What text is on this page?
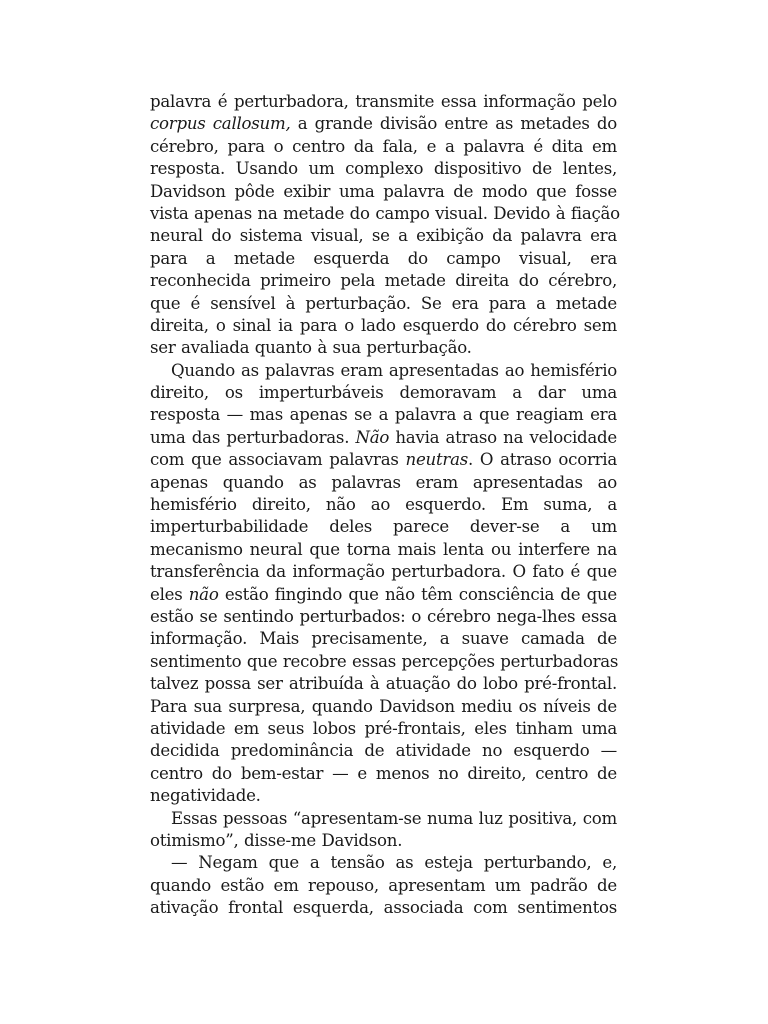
palavra é perturbadora, transmite essa informação pelo
corpus callosum, a grande divisão entre as metades do
cérebro, para o centro da fala, e a palavra é dita em
resposta. Usando um complexo dispositivo de lentes,
Davidson pôde exibir uma palavra de modo que fosse
vista apenas na metade do campo visual. Devido à fiação
neural do sistema visual, se a exibição da palavra era
para a metade esquerda do campo visual, era
reconhecida primeiro pela metade direita do cérebro,
que é sensível à perturbação. Se era para a metade
direita, o sinal ia para o lado esquerdo do cérebro sem
ser avaliada quanto à sua perturbação.
Quando as palavras eram apresentadas ao hemisfério
direito, os imperturbáveis demoravam a dar uma
resposta — mas apenas se a palavra a que reagiam era
uma das perturbadoras. Não havia atraso na velocidade
com que associavam palavras neutras. O atraso ocorria
apenas quando as palavras eram apresentadas ao
hemisfério direito, não ao esquerdo. Em suma, a
imperturbabilidade deles parece dever-se a um
mecanismo neural que torna mais lenta ou interfere na
transferência da informação perturbadora. O fato é que
eles não estão fingindo que não têm consciência de que
estão se sentindo perturbados: o cérebro nega-lhes essa
informação. Mais precisamente, a suave camada de
sentimento que recobre essas percepções perturbadoras
talvez possa ser atribuída à atuação do lobo pré-frontal.
Para sua surpresa, quando Davidson mediu os níveis de
atividade em seus lobos pré-frontais, eles tinham uma
decidida predominância de atividade no esquerdo —
centro do bem-estar — e menos no direito, centro de
negatividade.
Essas pessoas “apresentam-se numa luz positiva, com
otimismo”, disse-me Davidson.
— Negam que a tensão as esteja perturbando, e,
quando estão em repouso, apresentam um padrão de
ativação frontal esquerda, associada com sentimentos
